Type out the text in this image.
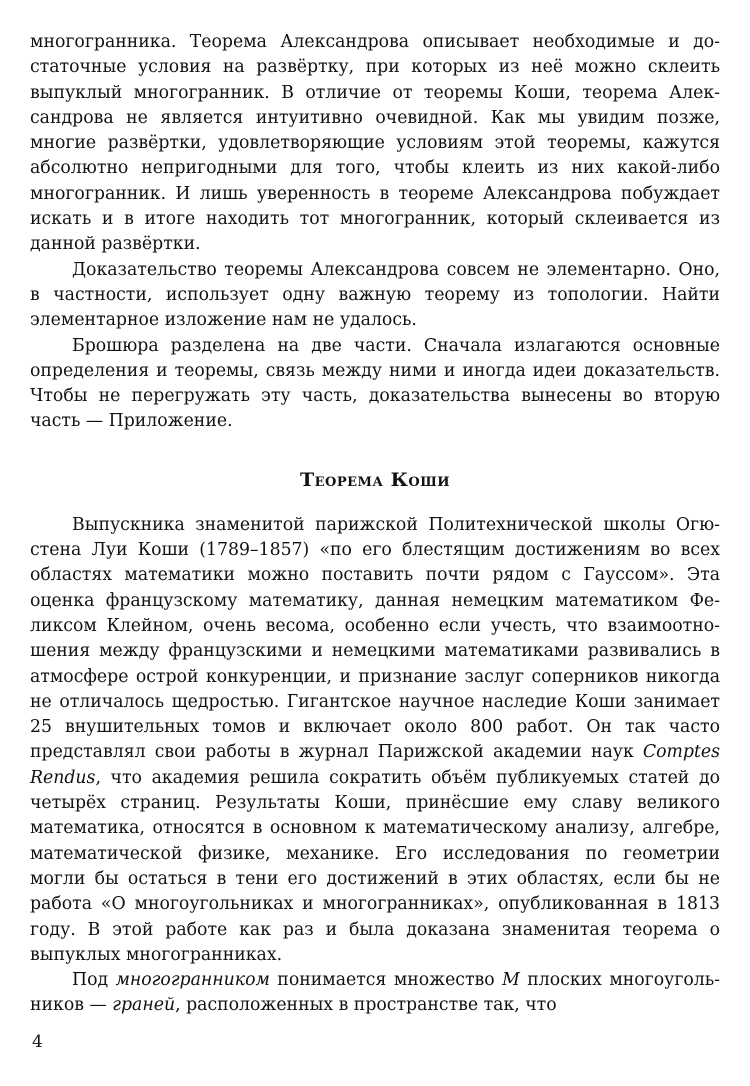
многогранника. Теорема Александрова описывает необходимые и достаточные условия на развёртку, при которых из неё можно склеить выпуклый многогранник. В отличие от теоремы Коши, теорема Александрова не является интуитивно очевидной. Как мы увидим позже, многие развёртки, удовлетворяющие условиям этой теоремы, кажутся абсолютно непригодными для того, чтобы клеить из них какой-либо многогранник. И лишь уверенность в теореме Александрова побуждает искать и в итоге находить тот многогранник, который склеивается из данной развёртки.

Доказательство теоремы Александрова совсем не элементарно. Оно, в частности, использует одну важную теорему из топологии. Найти элементарное изложение нам не удалось.

Брошюра разделена на две части. Сначала излагаются основные определения и теоремы, связь между ними и иногда идеи доказательств. Чтобы не перегружать эту часть, доказательства вынесены во вторую часть — Приложение.

Теорема Коши

Выпускника знаменитой парижской Политехнической школы Огюстена Луи Коши (1789–1857) «по его блестящим достижениям во всех областях математики можно поставить почти рядом с Гауссом». Эта оценка французскому математику, данная немецким математиком Феликсом Клейном, очень весома, особенно если учесть, что взаимоотношения между французскими и немецкими математиками развивались в атмосфере острой конкуренции, и признание заслуг соперников никогда не отличалось щедростью. Гигантское научное наследие Коши занимает 25 внушительных томов и включает около 800 работ. Он так часто представлял свои работы в журнал Парижской академии наук Comptes Rendus, что академия решила сократить объём публикуемых статей до четырёх страниц. Результаты Коши, принёсшие ему славу великого математика, относятся в основном к математическому анализу, алгебре, математической физике, механике. Его исследования по геометрии могли бы остаться в тени его достижений в этих областях, если бы не работа «О многоугольниках и многогранниках», опубликованная в 1813 году. В этой работе как раз и была доказана знаменитая теорема о выпуклых многогранниках.

Под многогранником понимается множество M плоских многоугольников — граней, расположенных в пространстве так, что

4
